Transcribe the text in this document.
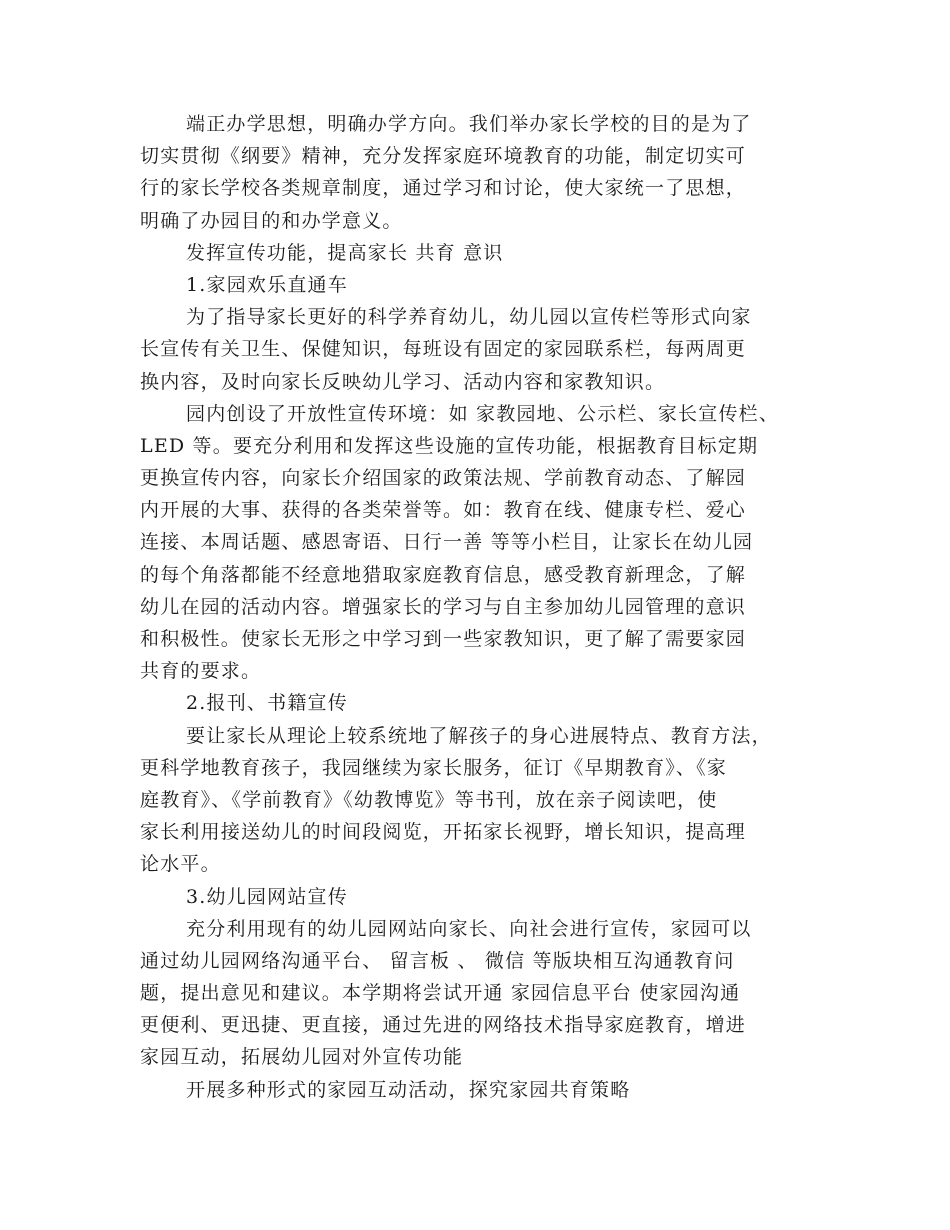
端正办学思想，明确办学方向。我们举办家长学校的目的是为了
切实贯彻《纲要》精神，充分发挥家庭环境教育的功能，制定切实可
行的家长学校各类规章制度，通过学习和讨论，使大家统一了思想，
明确了办园目的和办学意义。
发挥宣传功能，提高家长 共育 意识
1.家园欢乐直通车
为了指导家长更好的科学养育幼儿，幼儿园以宣传栏等形式向家
长宣传有关卫生、保健知识，每班设有固定的家园联系栏，每两周更
换内容，及时向家长反映幼儿学习、活动内容和家教知识。
园内创设了开放性宣传环境：如 家教园地、公示栏、家长宣传栏、
LED 等。要充分利用和发挥这些设施的宣传功能，根据教育目标定期
更换宣传内容，向家长介绍国家的政策法规、学前教育动态、了解园
内开展的大事、获得的各类荣誉等。如：教育在线、健康专栏、爱心
连接、本周话题、感恩寄语、日行一善 等等小栏目，让家长在幼儿园
的每个角落都能不经意地猎取家庭教育信息，感受教育新理念，了解
幼儿在园的活动内容。增强家长的学习与自主参加幼儿园管理的意识
和积极性。使家长无形之中学习到一些家教知识，更了解了需要家园
共育的要求。
2.报刊、书籍宣传
要让家长从理论上较系统地了解孩子的身心进展特点、教育方法，
更科学地教育孩子，我园继续为家长服务，征订《早期教育》、《家
庭教育》、《学前教育》《幼教博览》等书刊，放在亲子阅读吧，使
家长利用接送幼儿的时间段阅览，开拓家长视野，增长知识，提高理
论水平。
3.幼儿园网站宣传
充分利用现有的幼儿园网站向家长、向社会进行宣传，家园可以
通过幼儿园网络沟通平台、 留言板 、 微信 等版块相互沟通教育问
题，提出意见和建议。本学期将尝试开通 家园信息平台 使家园沟通
更便利、更迅捷、更直接，通过先进的网络技术指导家庭教育，增进
家园互动，拓展幼儿园对外宣传功能
开展多种形式的家园互动活动，探究家园共育策略
